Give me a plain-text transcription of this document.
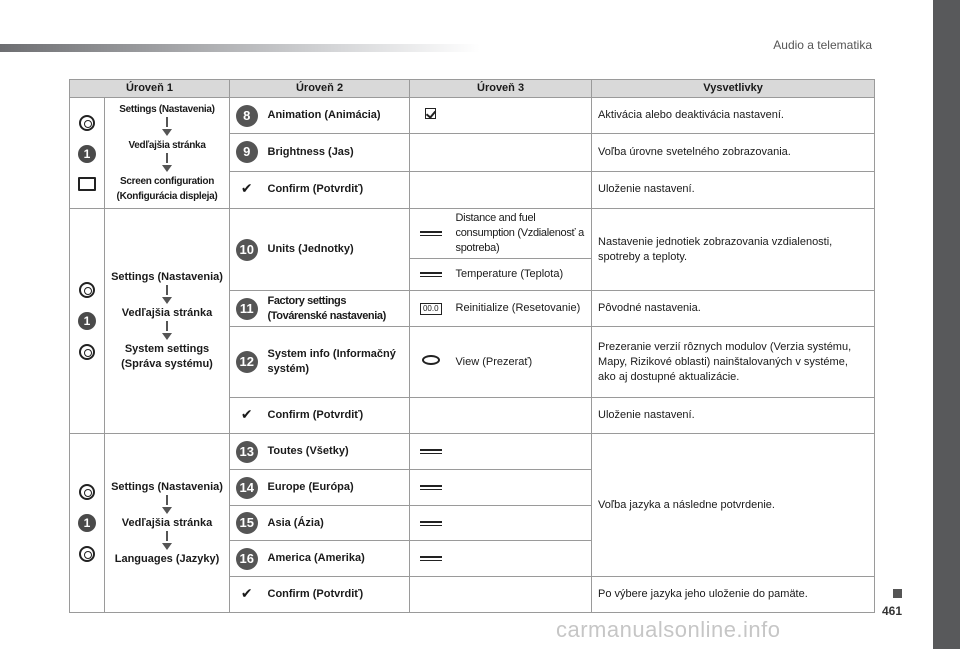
Audio a telematika
Úroveň 1		Úroveň 2		Úroveň 3		Vysvetlivky

1	Settings (Nastavenia)
Vedľajšia stránka
Screen configuration (Konfigurácia displeja)	8	Animation (Animácia)			Aktivácia alebo deaktivácia nastavení.
		9	Brightness (Jas)			Voľba úrovne svetelného zobrazovania.
		✔	Confirm (Potvrdiť)			Uloženie nastavení.

1	Settings (Nastavenia)
Vedľajšia stránka
System settings (Správa systému)	10	Units (Jednotky)		Distance and fuel consumption (Vzdialenosť a spotreba)	Nastavenie jednotiek zobrazovania vzdialenosti, spotreby a teploty.
					Temperature (Teplota)	
		11	Factory settings (Továrenské nastavenia)	00.0	Reinitialize (Resetovanie)	Pôvodné nastavenia.
		12	System info (Informačný systém)		View (Prezerať)	Prezeranie verzií rôznych modulov (Verzia systému, Mapy, Rizikové oblasti) nainštalovaných v systéme, ako aj dostupné aktualizácie.
		✔	Confirm (Potvrdiť)			Uloženie nastavení.

1	Settings (Nastavenia)
Vedľajšia stránka
Languages (Jazyky)	13	Toutes (Všetky)			Voľba jazyka a následne potvrdenie.
		14	Europe (Európa)			
		15	Asia (Ázia)			
		16	America (Amerika)			
		✔	Confirm (Potvrdiť)			Po výbere jazyka jeho uloženie do pamäte.
461
carmanualsonline.info
